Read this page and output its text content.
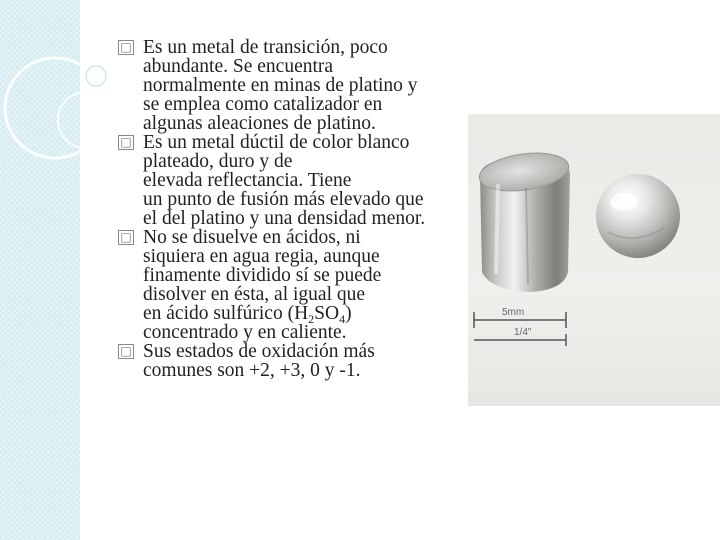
□ Es un metal de transición, poco
abundante. Se encuentra
normalmente en minas de platino y
se emplea como catalizador en
algunas aleaciones de platino.
□ Es un metal dúctil de color blanco
plateado, duro y de
elevada reflectancia. Tiene
un punto de fusión más elevado que
el del platino y una densidad menor.
□ No se disuelve en ácidos, ni
siquiera en agua regia, aunque
finamente dividido sí se puede
disolver en ésta, al igual que
en ácido sulfúrico $(H_2SO_4)$
concentrado y en caliente.
□ Sus estados de oxidación más
comunes son +2, +3, 0 y -1.
5mm
1/4"
